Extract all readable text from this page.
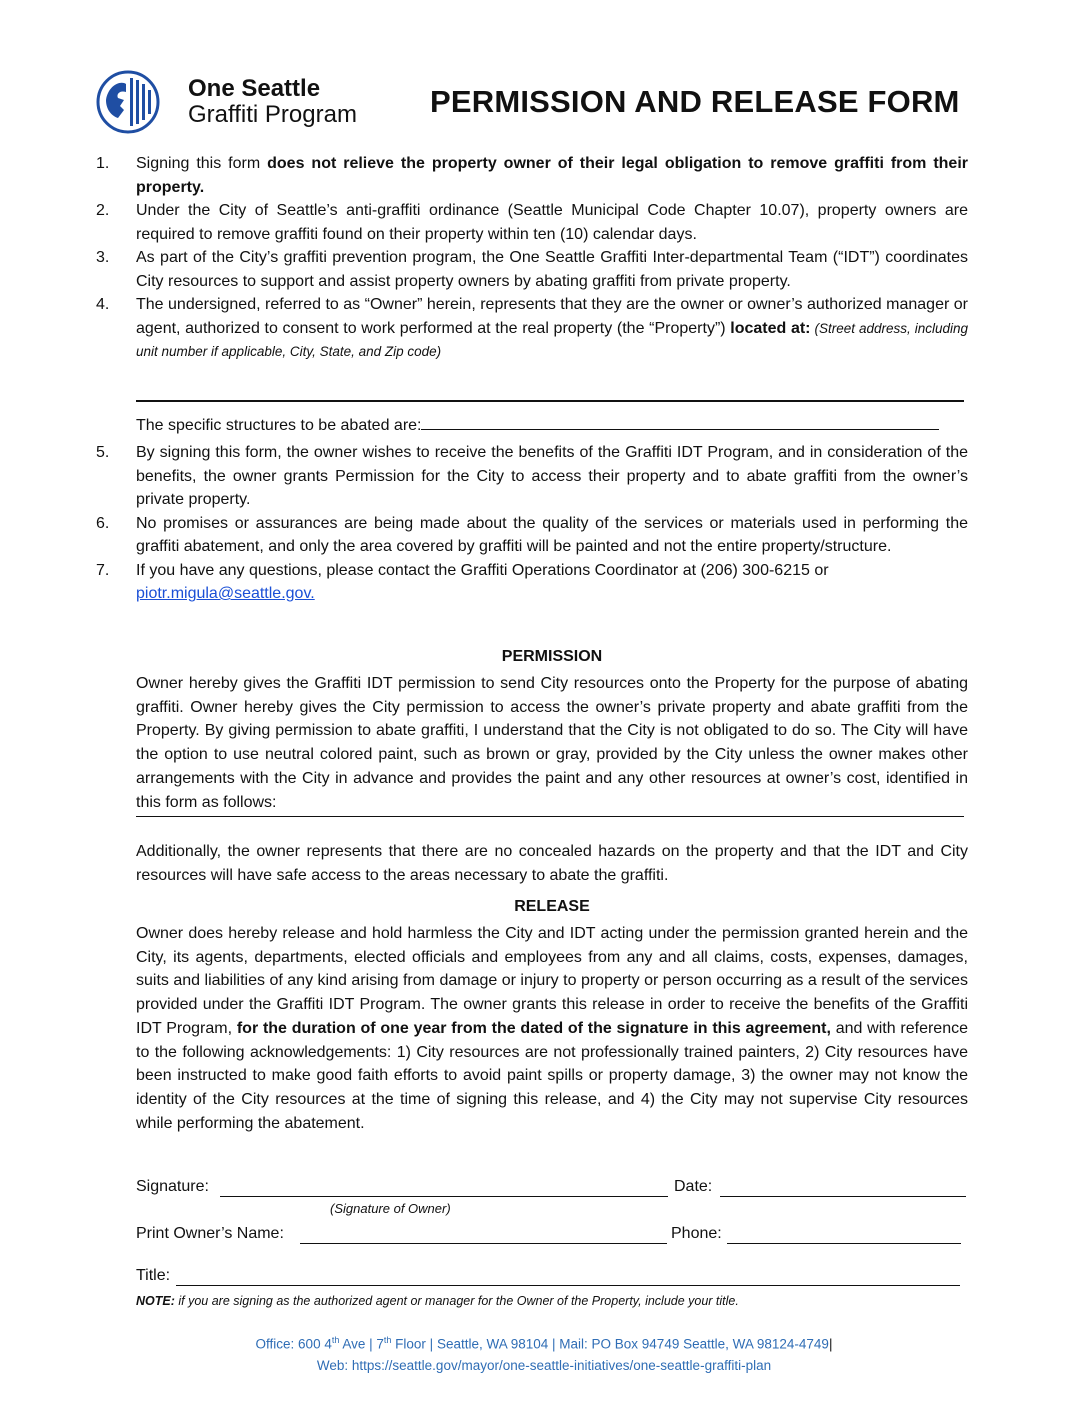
One Seattle
Graffiti Program PERMISSION AND RELEASE FORM
1.	Signing this form does not relieve the property owner of their legal obligation to remove graffiti from their property.
2.	Under the City of Seattle’s anti-graffiti ordinance (Seattle Municipal Code Chapter 10.07), property owners are required to remove graffiti found on their property within ten (10) calendar days.
3.	As part of the City’s graffiti prevention program, the One Seattle Graffiti Inter-departmental Team (“IDT”) coordinates City resources to support and assist property owners by abating graffiti from private property.
4.	The undersigned, referred to as “Owner” herein, represents that they are the owner or owner’s authorized manager or agent, authorized to consent to work performed at the real property (the “Property”) located at: (Street address, including unit number if applicable, City, State, and Zip code)
The specific structures to be abated are:
5.	By signing this form, the owner wishes to receive the benefits of the Graffiti IDT Program, and in consideration of the benefits, the owner grants Permission for the City to access their property and to abate graffiti from the owner’s private property.
6.	No promises or assurances are being made about the quality of the services or materials used in performing the graffiti abatement, and only the area covered by graffiti will be painted and not the entire property/structure.
7.	If you have any questions, please contact the Graffiti Operations Coordinator at (206) 300-6215 or
piotr.migula@seattle.gov.
PERMISSION
Owner hereby gives the Graffiti IDT permission to send City resources onto the Property for the purpose of abating graffiti. Owner hereby gives the City permission to access the owner’s private property and abate graffiti from the Property. By giving permission to abate graffiti, I understand that the City is not obligated to do so. The City will have the option to use neutral colored paint, such as brown or gray, provided by the City unless the owner makes other arrangements with the City in advance and provides the paint and any other resources at owner’s cost, identified in this form as follows:
Additionally, the owner represents that there are no concealed hazards on the property and that the IDT and City resources will have safe access to the areas necessary to abate the graffiti.
RELEASE
Owner does hereby release and hold harmless the City and IDT acting under the permission granted herein and the City, its agents, departments, elected officials and employees from any and all claims, costs, expenses, damages, suits and liabilities of any kind arising from damage or injury to property or person occurring as a result of the services provided under the Graffiti IDT Program. The owner grants this release in order to receive the benefits of the Graffiti IDT Program, for the duration of one year from the dated of the signature in this agreement, and with reference to the following acknowledgements: 1) City resources are not professionally trained painters, 2) City resources have been instructed to make good faith efforts to avoid paint spills or property damage, 3) the owner may not know the identity of the City resources at the time of signing this release, and 4) the City may not supervise City resources while performing the abatement.
Signature:	Date:
(Signature of Owner)
Print Owner’s Name:	Phone:
Title:
NOTE: if you are signing as the authorized agent or manager for the Owner of the Property, include your title.
Office: 600 4th Ave | 7th Floor | Seattle, WA 98104 | Mail: PO Box 94749 Seattle, WA 98124-4749|
Web: https://seattle.gov/mayor/one-seattle-initiatives/one-seattle-graffiti-plan
